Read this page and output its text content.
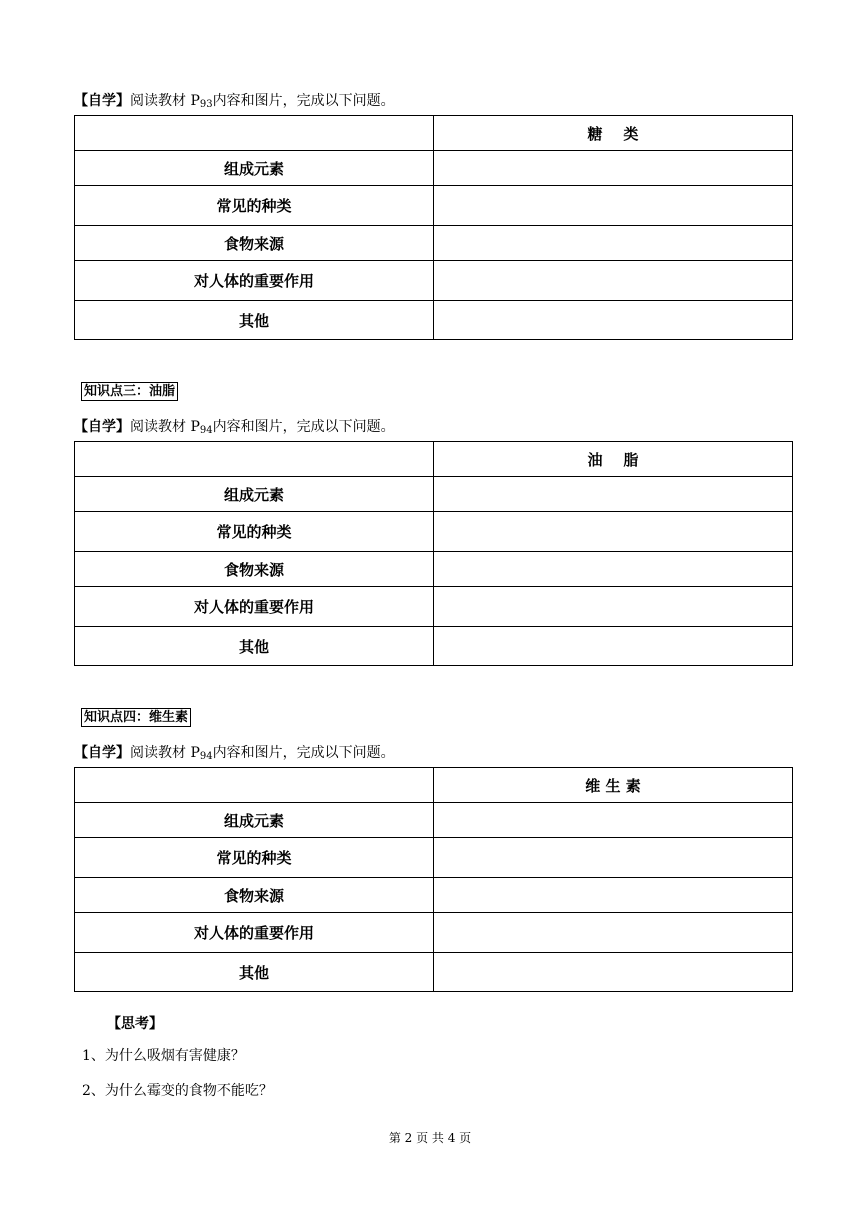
【自学】阅读教材 $P_{93}$内容和图片，完成以下问题。
	糖    类
组成元素	
常见的种类	
食物来源	
对人体的重要作用	
其他	
知识点三：油脂
【自学】阅读教材 $P_{94}$内容和图片，完成以下问题。
	油    脂
组成元素	
常见的种类	
食物来源	
对人体的重要作用	
其他	
知识点四：维生素
【自学】阅读教材 $P_{94}$内容和图片，完成以下问题。
	维 生 素
组成元素	
常见的种类	
食物来源	
对人体的重要作用	
其他	
【思考】
1、为什么吸烟有害健康？
2、为什么霉变的食物不能吃？
第 2 页 共 4 页
